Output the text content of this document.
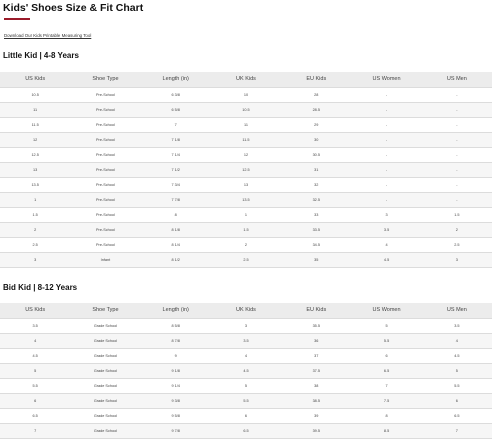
Kids' Shoes Size & Fit Chart
Download Our Kids Printable Measuring Tool
Little Kid | 4-8 Years
US Kids	Shoe Type	Length (in)	UK Kids	EU Kids	US Women	US Men
10.5	Pre-School	6 3/8	10	28	-	-
11	Pre-School	6 5/8	10.5	28.5	-	-
11.5	Pre-School	7	11	29	-	-
12	Pre-School	7 1/8	11.5	30	-	-
12.5	Pre-School	7 1/4	12	30.5	-	-
13	Pre-School	7 1/2	12.5	31	-	-
13.5	Pre-School	7 3/4	13	32	-	-
1	Pre-School	7 7/8	13.5	32.5	-	-
1.5	Pre-School	8	1	33	3	1.5
2	Pre-School	8 1/8	1.5	33.5	3.5	2
2.5	Pre-School	8 1/4	2	34.5	4	2.5
3	Infant	8 1/2	2.5	35	4.5	3
Bid Kid | 8-12 Years
US Kids	Shoe Type	Length (in)	UK Kids	EU Kids	US Women	US Men
3.5	Grade School	8 5/8	3	35.5	5	3.5
4	Grade School	8 7/8	3.5	36	5.5	4
4.5	Grade School	9	4	37	6	4.5
5	Grade School	9 1/8	4.5	37.5	6.5	5
5.5	Grade School	9 1/4	5	38	7	5.5
6	Grade School	9 3/8	5.5	38.5	7.5	6
6.5	Grade School	9 5/8	6	39	8	6.5
7	Grade School	9 7/8	6.5	39.5	8.5	7
